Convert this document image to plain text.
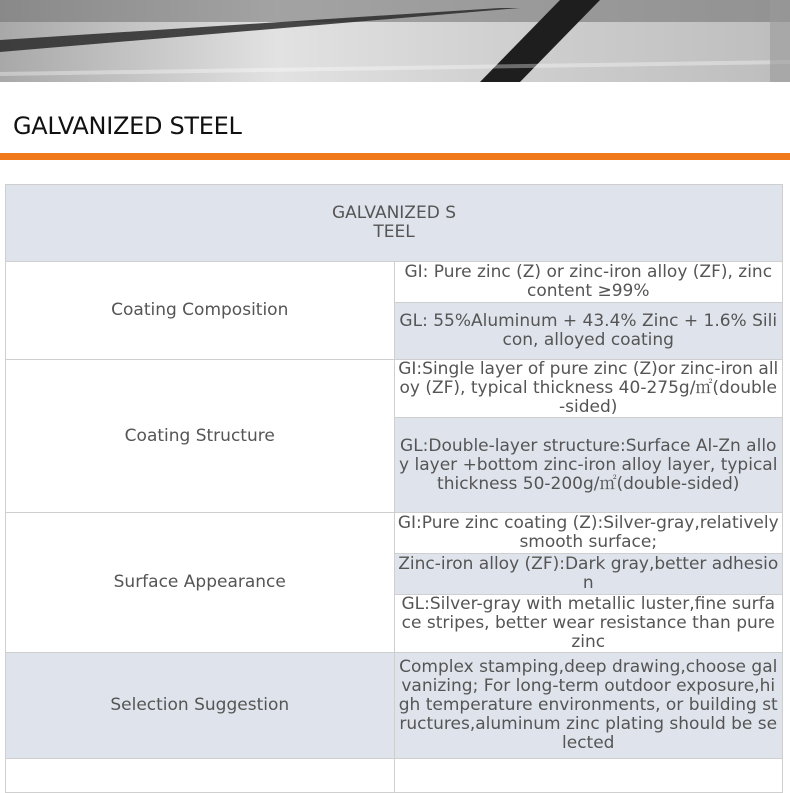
GALVANIZED STEEL
GALVANIZED STEEL	

Coating Composition	GI: Pure zinc (Z) or zinc-iron alloy (ZF), zinc content ≥99%
	GL: 55%Aluminum + 43.4% Zinc + 1.6% Silicon, alloyed coating
Coating Structure	GI:Single layer of pure zinc (Z)or zinc-iron alloy (ZF), typical thickness 40-275g/㎡(double-sided)
	GL:Double-layer structure:Surface Al-Zn alloy layer +bottom zinc-iron alloy layer, typical thickness 50-200g/㎡(double-sided)
Surface Appearance	GI:Pure zinc coating (Z):Silver-gray,relatively smooth surface;
	Zinc-iron alloy (ZF):Dark gray,better adhesion
	GL:Silver-gray with metallic luster,fine surface stripes, better wear resistance than pure zinc
Selection Suggestion	Complex stamping,deep drawing,choose galvanizing; For long-term outdoor exposure,high temperature environments, or building structures,aluminum zinc plating should be selected
